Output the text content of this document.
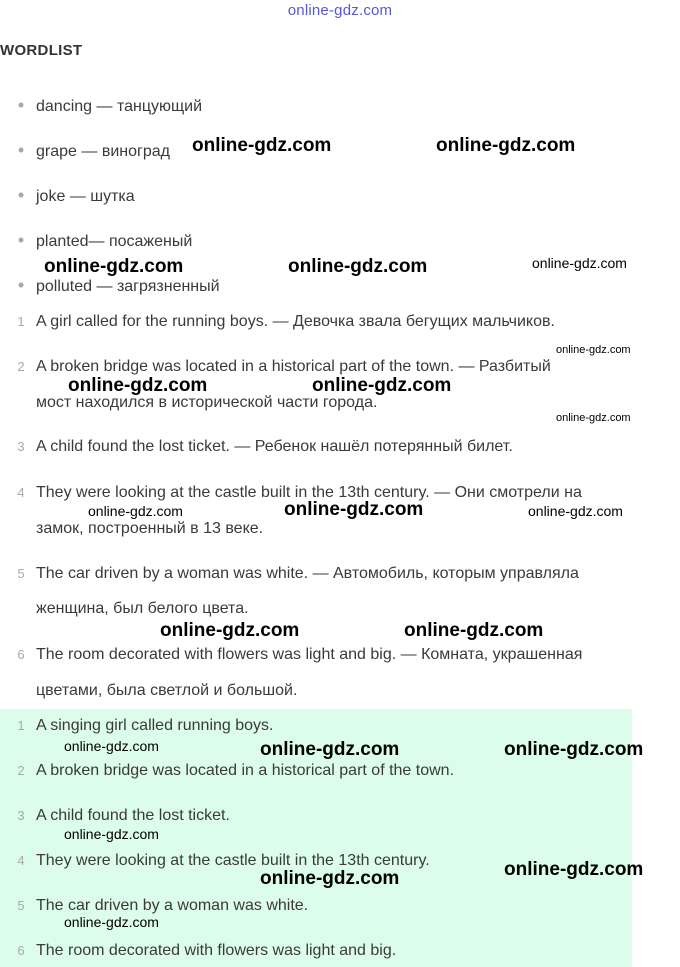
online-gdz.com
WORDLIST
• dancing — танцующий
• grape — виноград
• joke — шутка
• planted— посаженый
• polluted — загрязненный
1 A girl called for the running boys. — Девочка звала бегущих мальчиков.
2 A broken bridge was located in a historical part of the town. — Разбитый
мост находился в исторической части города.
3 A child found the lost ticket. — Ребенок нашёл потерянный билет.
4 They were looking at the castle built in the 13th century. — Они смотрели на
замок, построенный в 13 веке.
5 The car driven by a woman was white. — Автомобиль, которым управляла
женщина, был белого цвета.
6 The room decorated with flowers was light and big. — Комната, украшенная
цветами, была светлой и большой.
1 A singing girl called running boys.
2 A broken bridge was located in a historical part of the town.
3 A child found the lost ticket.
4 They were looking at the castle built in the 13th century.
5 The car driven by a woman was white.
6 The room decorated with flowers was light and big.
online-gdz.com	online-gdz.com
online-gdz.com	online-gdz.com	online-gdz.com
online-gdz.com
online-gdz.com	online-gdz.com
online-gdz.com
online-gdz.com	online-gdz.com	online-gdz.com
online-gdz.com	online-gdz.com
online-gdz.com	online-gdz.com	online-gdz.com
online-gdz.com
online-gdz.com
online-gdz.com
online-gdz.com
